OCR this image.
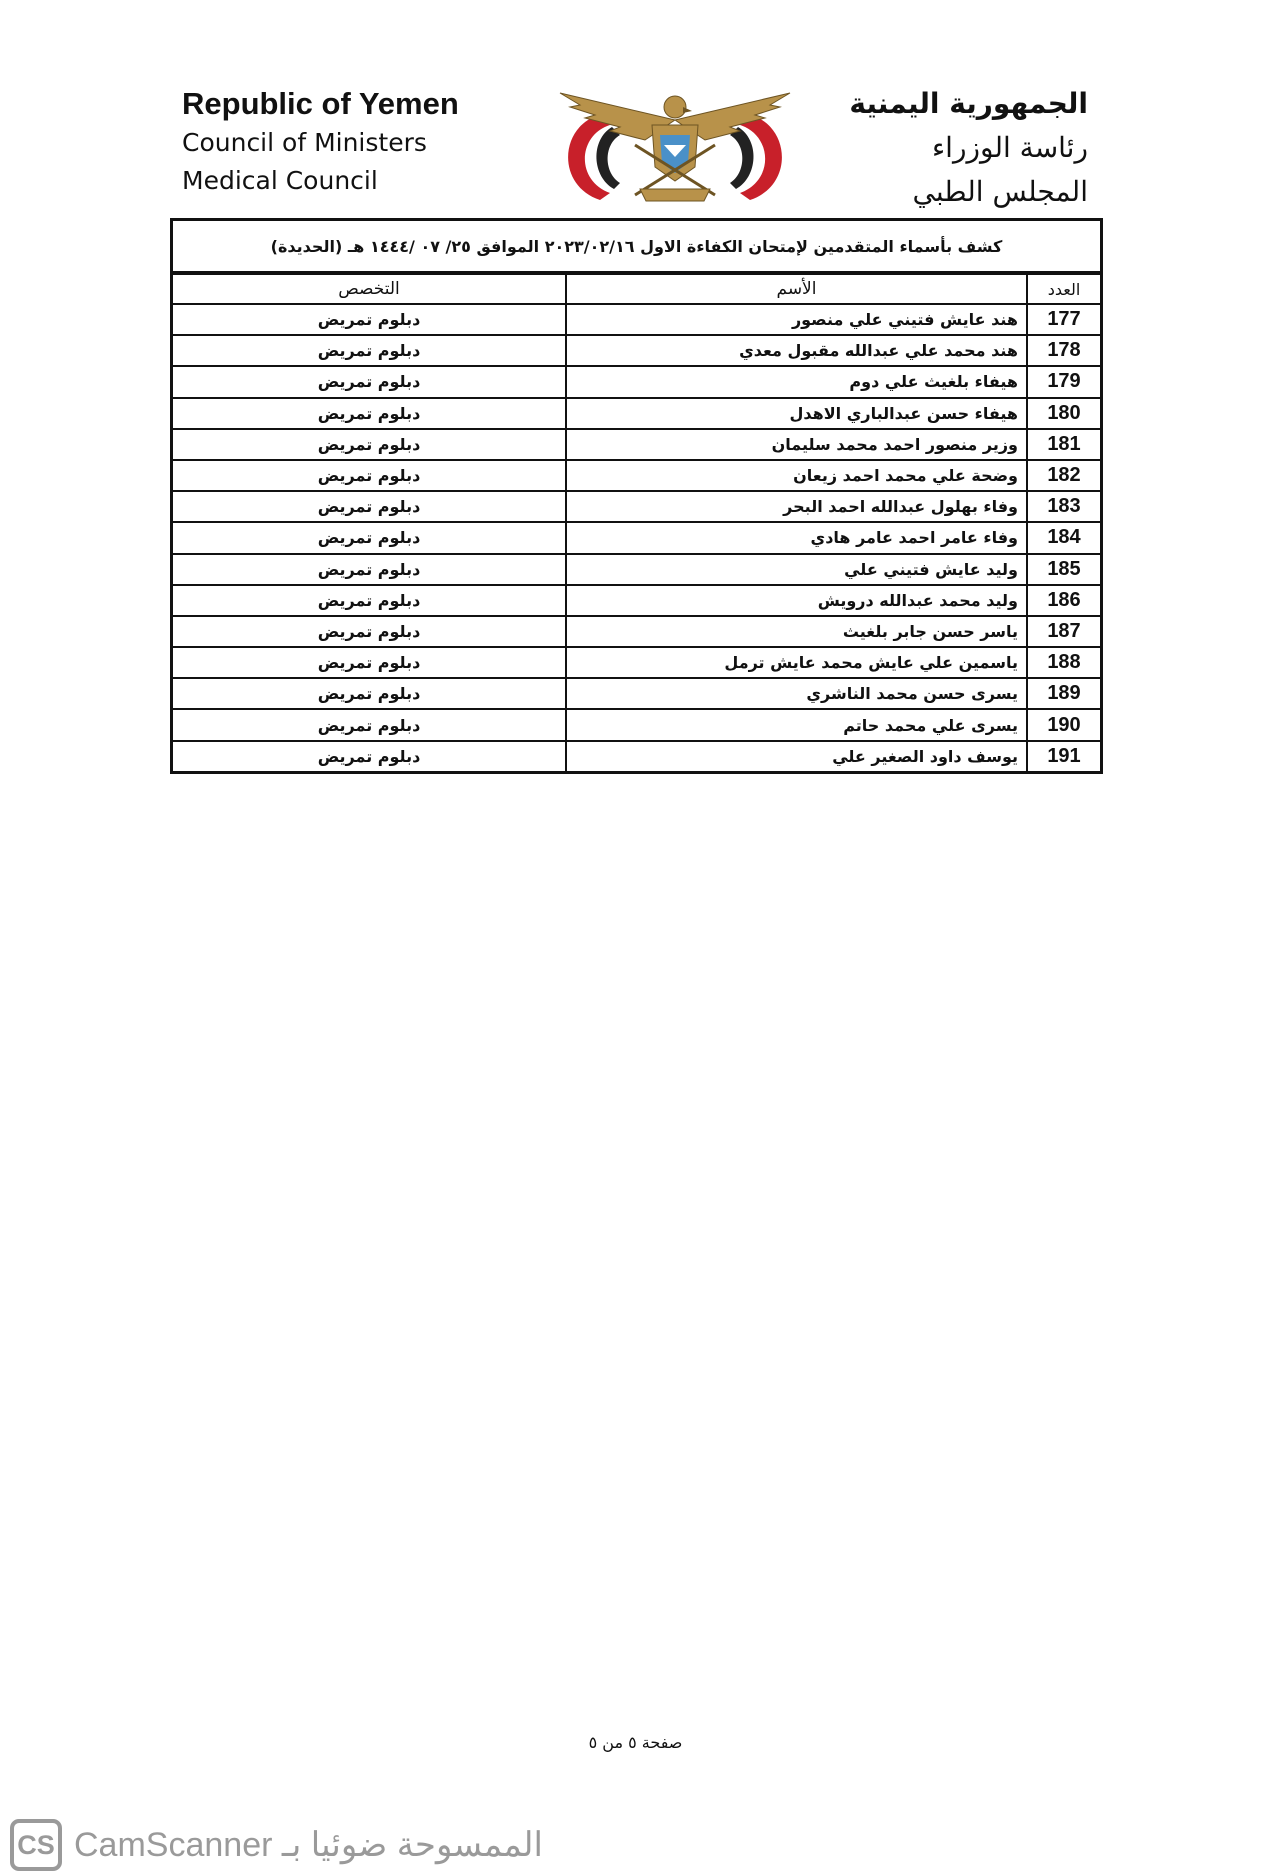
Republic of Yemen
Council of Ministers
Medical Council
الجمهورية اليمنية
رئاسة الوزراء
المجلس الطبي
كشف بأسماء المتقدمين لإمتحان الكفاءة الاول ٢٠٢٣/٠٢/١٦ الموافق ٢٥/ ٠٧ /١٤٤٤ هـ (الحديدة)		
العدد	الأسم	التخصص
177	هند عايش فتيني علي منصور	دبلوم تمريض
178	هند محمد علي عبدالله مقبول معدي	دبلوم تمريض
179	هيفاء بلغيث علي دوم	دبلوم تمريض
180	هيفاء حسن عبدالباري الاهدل	دبلوم تمريض
181	وزير منصور احمد محمد سليمان	دبلوم تمريض
182	وضحة علي محمد احمد زيعان	دبلوم تمريض
183	وفاء بهلول عبدالله احمد البحر	دبلوم تمريض
184	وفاء عامر احمد عامر هادي	دبلوم تمريض
185	وليد عايش فتيني علي	دبلوم تمريض
186	وليد محمد عبدالله درويش	دبلوم تمريض
187	ياسر حسن جابر بلغيث	دبلوم تمريض
188	ياسمين علي عايش محمد عايش ترمل	دبلوم تمريض
189	يسرى حسن محمد الناشري	دبلوم تمريض
190	يسرى علي محمد حاتم	دبلوم تمريض
191	يوسف داود الصغير علي	دبلوم تمريض
صفحة ٥ من ٥
CS CamScanner الممسوحة ضوئيا بـ
